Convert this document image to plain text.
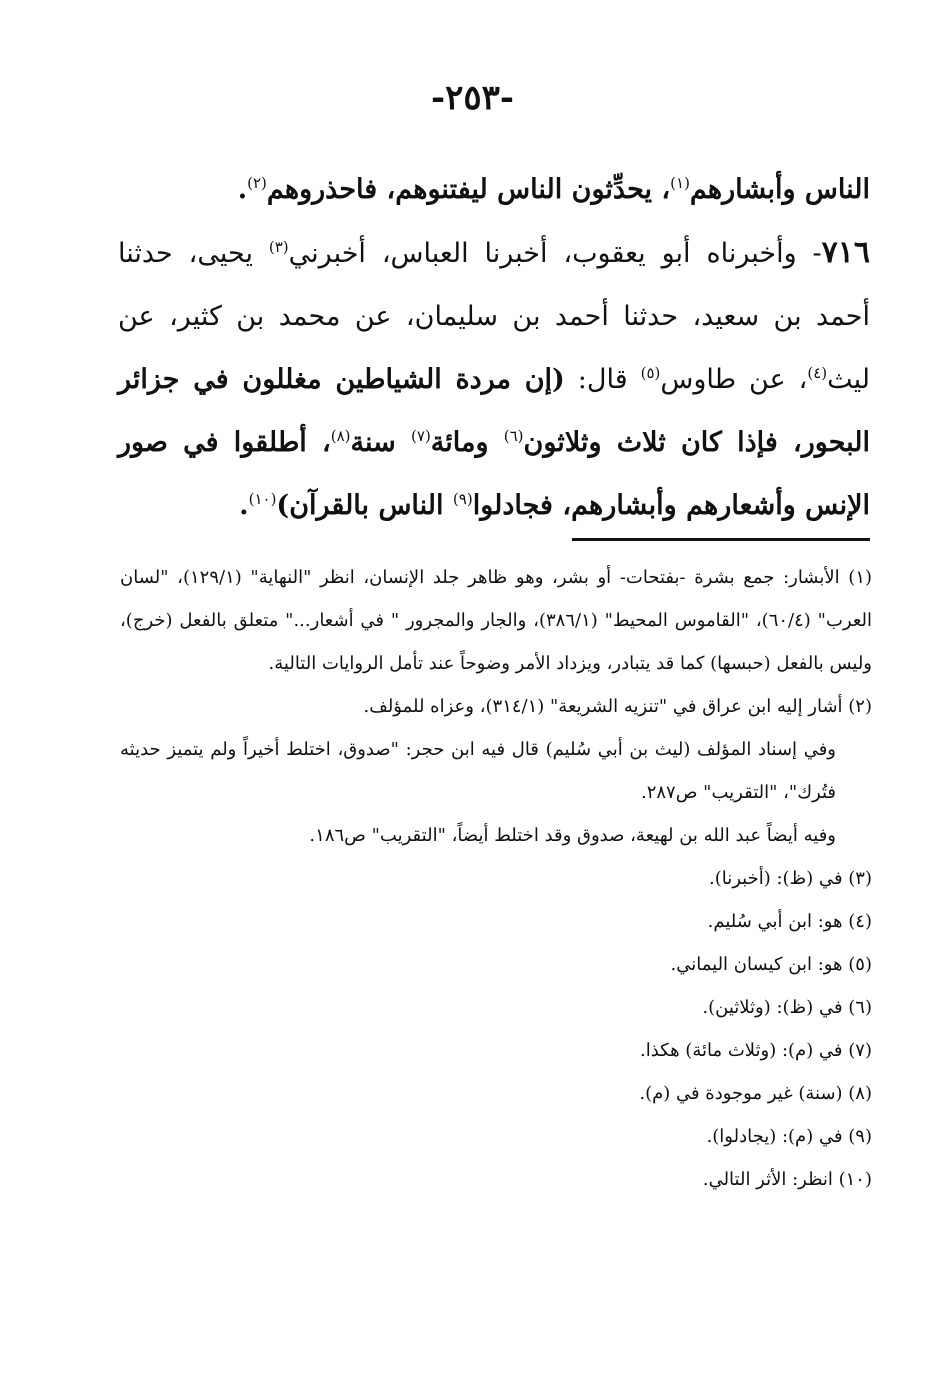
-٢٥٣-

الناس وأبشارهم$^{(١)}$، يحدِّثون الناس ليفتنوهم، فاحذروهم$^{(٢)}$.

٧١٦- وأخبرناه أبو يعقوب، أخبرنا العباس، أخبرني$^{(٣)}$ يحيى، حدثنا أحمد بن سعيد، حدثنا أحمد بن سليمان، عن محمد بن كثير، عن ليث$^{(٤)}$، عن طاوس$^{(٥)}$ قال: (إن مردة الشياطين مغللون في جزائر البحور، فإذا كان ثلاث وثلاثون$^{(٦)}$ ومائة$^{(٧)}$ سنة$^{(٨)}$، أطلقوا في صور الإنس وأشعارهم وأبشارهم، فجادلوا$^{(٩)}$ الناس بالقرآن)$^{(١٠)}$.

(١) الأبشار: جمع بشرة -بفتحات- أو بشر، وهو ظاهر جلد الإنسان، انظر "النهاية" (١٢٩/١)، "لسان العرب" (٦٠/٤)، "القاموس المحيط" (٣٨٦/١)، والجار والمجرور " في أشعار..." متعلق بالفعل (خرج)، وليس بالفعل (حبسها) كما قد يتبادر، ويزداد الأمر وضوحاً عند تأمل الروايات التالية.

(٢) أشار إليه ابن عراق في "تنزيه الشريعة" (٣١٤/١)، وعزاه للمؤلف.

وفي إسناد المؤلف (ليث بن أبي سُليم) قال فيه ابن حجر: "صدوق، اختلط أخيراً ولم يتميز حديثه فتُرك"، "التقريب" ص٢٨٧.

وفيه أيضاً عبد الله بن لهيعة، صدوق وقد اختلط أيضاً، "التقريب" ص١٨٦.

(٣) في (ظ): (أخبرنا).

(٤) هو: ابن أبي سُليم.

(٥) هو: ابن كيسان اليماني.

(٦) في (ظ): (وثلاثين).

(٧) في (م): (وثلاث مائة) هكذا.

(٨) (سنة) غير موجودة في (م).

(٩) في (م): (يجادلوا).

(١٠) انظر: الأثر التالي.
